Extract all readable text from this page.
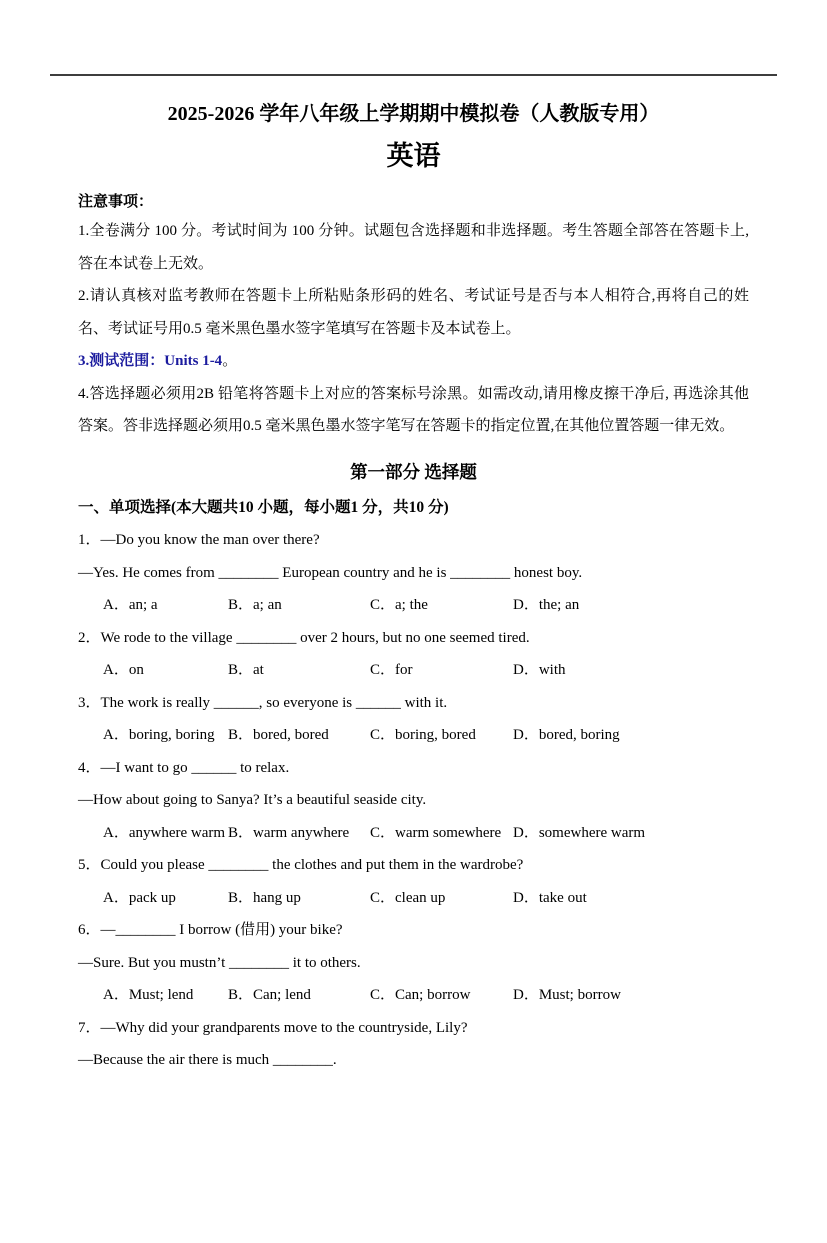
2025-2026 学年八年级上学期期中模拟卷（人教版专用）
英语

注意事项：

1.全卷满分 100 分。考试时间为 100 分钟。试题包含选择题和非选择题。考生答题全部答在答题卡上, 答在本试卷上无效。

2.请认真核对监考教师在答题卡上所粘贴条形码的姓名、考试证号是否与本人相符合,再将自己的姓名、考试证号用0.5 毫米黑色墨水签字笔填写在答题卡及本试卷上。

3.测试范围：Units 1-4。

4.答选择题必须用2B 铅笔将答题卡上对应的答案标号涂黑。如需改动,请用橡皮擦干净后, 再选涂其他答案。答非选择题必须用0.5 毫米黑色墨水签字笔写在答题卡的指定位置,在其他位置答题一律无效。

第一部分 选择题

一、单项选择(本大题共10 小题，每小题1 分，共10 分)

1．—Do you know the man over there?

—Yes. He comes from ________ European country and he is ________ honest boy.

A．an; a	B．a; an	C．a; the	D．the; an

2．We rode to the village ________ over 2 hours, but no one seemed tired.

A．on	B．at	C．for	D．with

3．The work is really ______, so everyone is ______ with it.

A．boring, boring B．bored, bored	C．boring, bored	D．bored, boring

4．—I want to go ______ to relax.

—How about going to Sanya? It’s a beautiful seaside city.

A．anywhere warm B．warm anywhere	C．warm somewhere D．somewhere warm

5．Could you please ________ the clothes and put them in the wardrobe?

A．pack up	B．hang up	C．clean up	D．take out

6．—________ I borrow (借用) your bike?

—Sure. But you mustn’t ________ it to others.

A．Must; lend	B．Can; lend	C．Can; borrow	D．Must; borrow

7．—Why did your grandparents move to the countryside, Lily?

—Because the air there is much ________.
